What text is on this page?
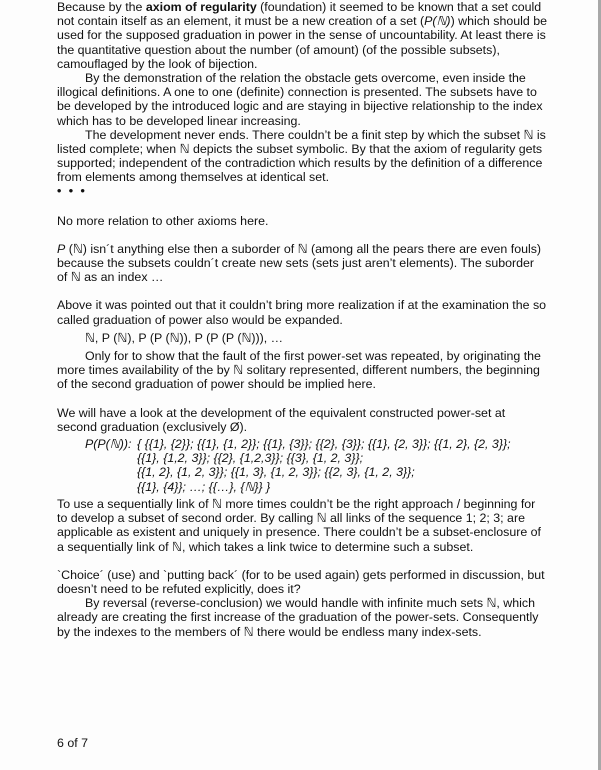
Because by the axiom of regularity (foundation) it seemed to be known that a set could not contain itself as an element, it must be a new creation of a set (P(ℕ)) which should be used for the supposed graduation in power in the sense of uncountability. At least there is the quantitative question about the number (of amount) (of the possible subsets), camouflaged by the look of bijection.

By the demonstration of the relation the obstacle gets overcome, even inside the illogical definitions. A one to one (definite) connection is presented. The subsets have to be developed by the introduced logic and are staying in bijective relationship to the index which has to be developed linear increasing.

The development never ends. There couldn’t be a finit step by which the subset ℕ is listed complete; when ℕ depicts the subset symbolic. By that the axiom of regularity gets supported; independent of the contradiction which results by the definition of a difference from elements among themselves at identical set.

• • •

No more relation to other axioms here.

P (ℕ) isn´t anything else then a suborder of ℕ (among all the pears there are even fouls) because the subsets couldn´t create new sets (sets just aren’t elements). The suborder of ℕ as an index …

Above it was pointed out that it couldn’t bring more realization if at the examination the so called graduation of power also would be expanded.

ℕ, P (ℕ), P (P (ℕ)), P (P (P (ℕ))), …

Only for to show that the fault of the first power-set was repeated, by originating the more times availability of the by ℕ solitary represented, different numbers, the beginning of the second graduation of power should be implied here.

We will have a look at the development of the equivalent constructed power-set at second graduation (exclusively Ø).

P(P(ℕ)): { {{1}, {2}}; {{1}, {1, 2}}; {{1}, {3}}; {{2}, {3}}; {{1}, {2, 3}}; {{1, 2}, {2, 3}};
{{1}, {1,2, 3}}; {{2}, {1,2,3}}; {{3}, {1, 2, 3}};
{{1, 2}, {1, 2, 3}}; {{1, 3}, {1, 2, 3}}; {{2, 3}, {1, 2, 3}};
{{1}, {4}}; …; {{…}, {ℕ}} }

To use a sequentially link of ℕ more times couldn’t be the right approach / beginning for to develop a subset of second order. By calling ℕ all links of the sequence 1; 2; 3; are applicable as existent and uniquely in presence. There couldn’t be a subset-enclosure of a sequentially link of ℕ, which takes a link twice to determine such a subset.

`Choice´ (use) and `putting back´ (for to be used again) gets performed in discussion, but doesn’t need to be refuted explicitly, does it?

By reversal (reverse-conclusion) we would handle with infinite much sets ℕ, which already are creating the first increase of the graduation of the power-sets. Consequently by the indexes to the members of ℕ there would be endless many index-sets.

6 of 7
